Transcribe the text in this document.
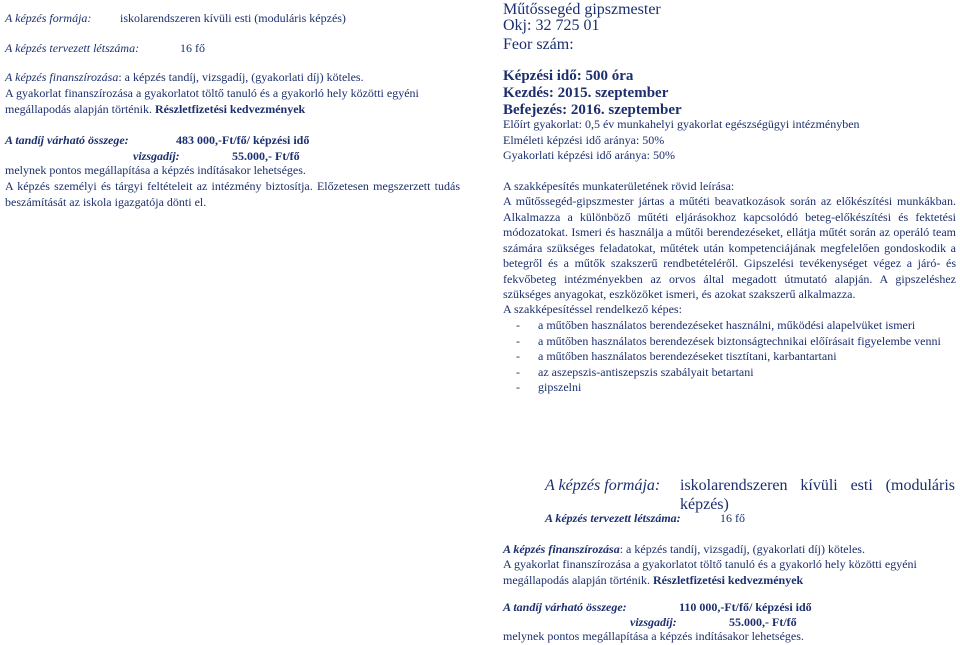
A képzés formája: iskolarendszeren kívüli esti (moduláris képzés)
A képzés tervezett létszáma:	16 fő

A képzés finanszírozása: a képzés tandíj, vizsgadíj, (gyakorlati díj) köteles.

A gyakorlat finanszírozása a gyakorlatot töltő tanuló és a gyakorló hely közötti egyéni megállapodás alapján történik. Részletfizetési kedvezmények

A tandíj várható összege:	483 000,-Ft/fő/ képzési idő
vizsgadíj:	55.000,- Ft/fő

melynek pontos megállapítása a képzés indításakor lehetséges.

A képzés személyi és tárgyi feltételeit az intézmény biztosítja. Előzetesen megszerzett tudás beszámítását az iskola igazgatója dönti el.

Műtőssegéd gipszmester
Okj: 32 725 01
Feor szám:
Képzési idő: 500 óra
Kezdés: 2015. szeptember
Befejezés: 2016. szeptember
Előírt gyakorlat: 0,5 év munkahelyi gyakorlat egészségügyi intézményben
Elméleti képzési idő aránya: 50%
Gyakorlati képzési idő aránya: 50%
A szakképesítés munkaterületének rövid leírása:

A műtőssegéd-gipszmester jártas a műtéti beavatkozások során az előkészítési munkákban. Alkalmazza a különböző műtéti eljárásokhoz kapcsolódó beteg-előkészítési és fektetési módozatokat. Ismeri és használja a műtői berendezéseket, ellátja műtét során az operáló team számára szükséges feladatokat, műtétek után kompetenciájának megfelelően gondoskodik a betegről és a műtők szakszerű rendbetételéről. Gipszelési tevékenységet végez a járó- és fekvőbeteg intézményekben az orvos által megadott útmutató alapján. A gipszeléshez szükséges anyagokat, eszközöket ismeri, és azokat szakszerű alkalmazza.

A szakképesítéssel rendelkező képes:
- a műtőben használatos berendezéseket használni, működési alapelvüket ismeri
- a műtőben használatos berendezések biztonságtechnikai előírásait figyelembe venni
- a műtőben használatos berendezéseket tisztítani, karbantartani
- az aszepszis-antiszepszis szabályait betartani
- gipszelni
A képzés formája: iskolarendszeren kívüli esti (moduláris képzés)

A képzés tervezett létszáma:	16 fő

A képzés finanszírozása: a képzés tandíj, vizsgadíj, (gyakorlati díj) köteles.

A gyakorlat finanszírozása a gyakorlatot töltő tanuló és a gyakorló hely közötti egyéni megállapodás alapján történik. Részletfizetési kedvezmények

A tandíj várható összege:	110 000,-Ft/fő/ képzési idő
vizsgadíj:	55.000,- Ft/fő

melynek pontos megállapítása a képzés indításakor lehetséges.
